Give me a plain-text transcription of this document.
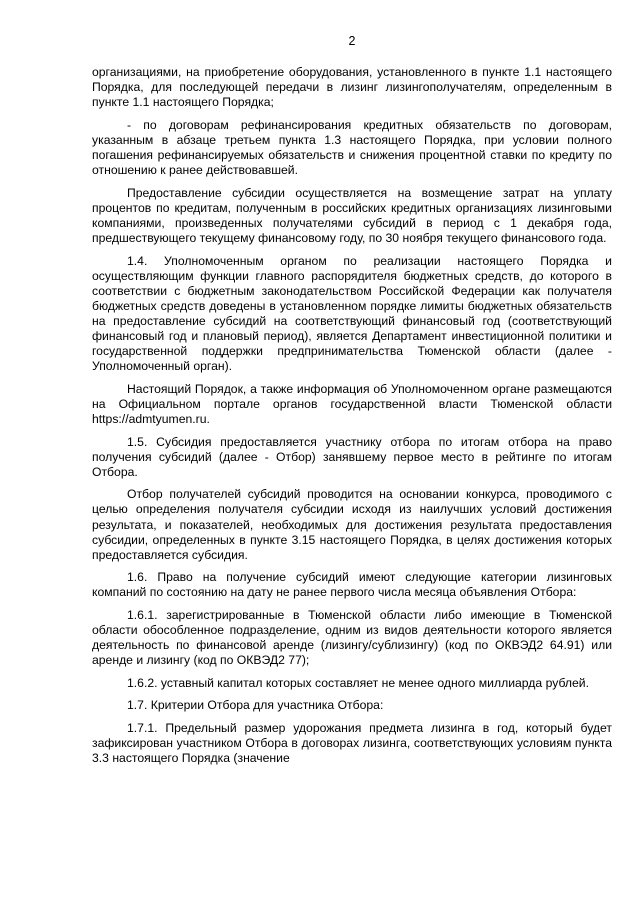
2

организациями, на приобретение оборудования, установленного в пункте 1.1 настоящего Порядка, для последующей передачи в лизинг лизингополучателям, определенным в пункте 1.1 настоящего Порядка;

- по договорам рефинансирования кредитных обязательств по договорам, указанным в абзаце третьем пункта 1.3 настоящего Порядка, при условии полного погашения рефинансируемых обязательств и снижения процентной ставки по кредиту по отношению к ранее действовавшей.

Предоставление субсидии осуществляется на возмещение затрат на уплату процентов по кредитам, полученным в российских кредитных организациях лизинговыми компаниями, произведенных получателями субсидий в период с 1 декабря года, предшествующего текущему финансовому году, по 30 ноября текущего финансового года.

1.4. Уполномоченным органом по реализации настоящего Порядка и осуществляющим функции главного распорядителя бюджетных средств, до которого в соответствии с бюджетным законодательством Российской Федерации как получателя бюджетных средств доведены в установленном порядке лимиты бюджетных обязательств на предоставление субсидий на соответствующий финансовый год (соответствующий финансовый год и плановый период), является Департамент инвестиционной политики и государственной поддержки предпринимательства Тюменской области (далее - Уполномоченный орган).

Настоящий Порядок, а также информация об Уполномоченном органе размещаются на Официальном портале органов государственной власти Тюменской области https://admtyumen.ru.

1.5. Субсидия предоставляется участнику отбора по итогам отбора на право получения субсидий (далее - Отбор) занявшему первое место в рейтинге по итогам Отбора.

Отбор получателей субсидий проводится на основании конкурса, проводимого с целью определения получателя субсидии исходя из наилучших условий достижения результата, и показателей, необходимых для достижения результата предоставления субсидии, определенных в пункте 3.15 настоящего Порядка, в целях достижения которых предоставляется субсидия.

1.6. Право на получение субсидий имеют следующие категории лизинговых компаний по состоянию на дату не ранее первого числа месяца объявления Отбора:

1.6.1. зарегистрированные в Тюменской области либо имеющие в Тюменской области обособленное подразделение, одним из видов деятельности которого является деятельность по финансовой аренде (лизингу/сублизингу) (код по ОКВЭД2 64.91) или аренде и лизингу (код по ОКВЭД2 77);

1.6.2. уставный капитал которых составляет не менее одного миллиарда рублей.

1.7. Критерии Отбора для участника Отбора:

1.7.1. Предельный размер удорожания предмета лизинга в год, который будет зафиксирован участником Отбора в договорах лизинга, соответствующих условиям пункта 3.3 настоящего Порядка (значение
